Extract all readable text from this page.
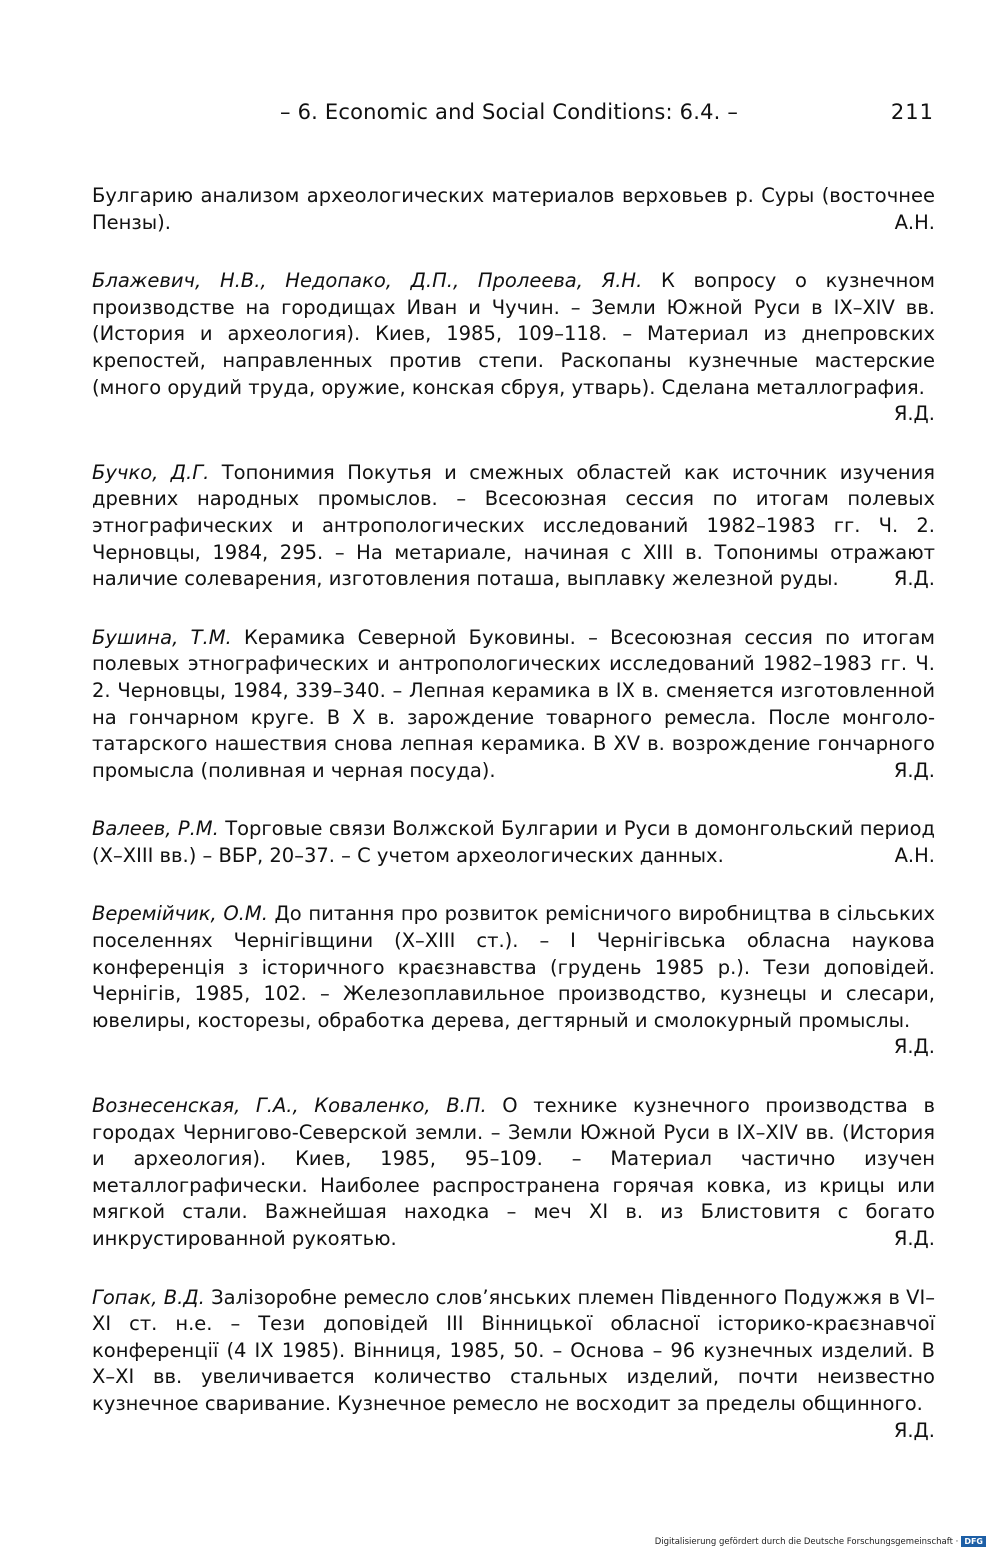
– 6. Economic and Social Conditions: 6.4. –	211

Булгарию анализом археологических материалов верховьев р. Суры (восточнее Пензы).	А.Н.

Блажевич, Н.В., Недопако, Д.П., Пролеева, Я.Н. К вопросу о кузнечном производстве на городищах Иван и Чучин. – Земли Южной Руси в IX–XIV вв. (История и археология). Киев, 1985, 109–118. – Материал из днепровских крепостей, направленных против степи. Раскопаны кузнечные мастерские (много орудий труда, оружие, конская сбруя, утварь). Сделана металлография.
Я.Д.

Бучко, Д.Г. Топонимия Покутья и смежных областей как источник изучения древних народных промыслов. – Всесоюзная сессия по итогам полевых этнографических и антропологических исследований 1982–1983 гг. Ч. 2. Черновцы, 1984, 295. – На метариале, начиная с XIII в. Топонимы отражают наличие солеварения, изготовления поташа, выплавку железной руды.	Я.Д.

Бушина, Т.М. Керамика Северной Буковины. – Всесоюзная сессия по итогам полевых этнографических и антропологических исследований 1982–1983 гг. Ч. 2. Черновцы, 1984, 339–340. – Лепная керамика в IX в. сменяется изготовленной на гончарном круге. В X в. зарождение товарного ремесла. После монголо-татарского нашествия снова лепная керамика. В XV в. возрождение гончарного промысла (поливная и черная посуда).	Я.Д.

Валеев, Р.М. Торговые связи Волжской Булгарии и Руси в домонгольский период (X–XIII вв.) – ВБР, 20–37. – С учетом археологических данных.	А.Н.

Веремійчик, О.М. До питання про розвиток ремісничого виробництва в сільських поселеннях Чернігівщини (X–XIII ст.). – I Чернігівська обласна наукова конференція з історичного краєзнавства (грудень 1985 р.). Тези доповідей. Чернігів, 1985, 102. – Железоплавильное производство, кузнецы и слесари, ювелиры, косторезы, обработка дерева, дегтярный и смолокурный промыслы.
Я.Д.

Вознесенская, Г.А., Коваленко, В.П. О технике кузнечного производства в городах Чернигово-Северской земли. – Земли Южной Руси в IX–XIV вв. (История и археология). Киев, 1985, 95–109. – Материал частично изучен металлографически. Наиболее распространена горячая ковка, из крицы или мягкой стали. Важнейшая находка – меч XI в. из Блистовитя с богато инкрустированной рукоятью.	Я.Д.

Гопак, В.Д. Залізоробне ремесло слов’янських племен Південного Подужжя в VI–XI ст. н.е. – Тези доповідей III Вінницької обласної історико-краєзнавчої конференції (4 IX 1985). Вінниця, 1985, 50. – Основа – 96 кузнечных изделий. В X–XI вв. увеличивается количество стальных изделий, почти неизвестно кузнечное сваривание. Кузнечное ремесло не восходит за пределы общинного.
Я.Д.

Digitalisierung gefördert durch die Deutsche Forschungsgemeinschaft · DFG
